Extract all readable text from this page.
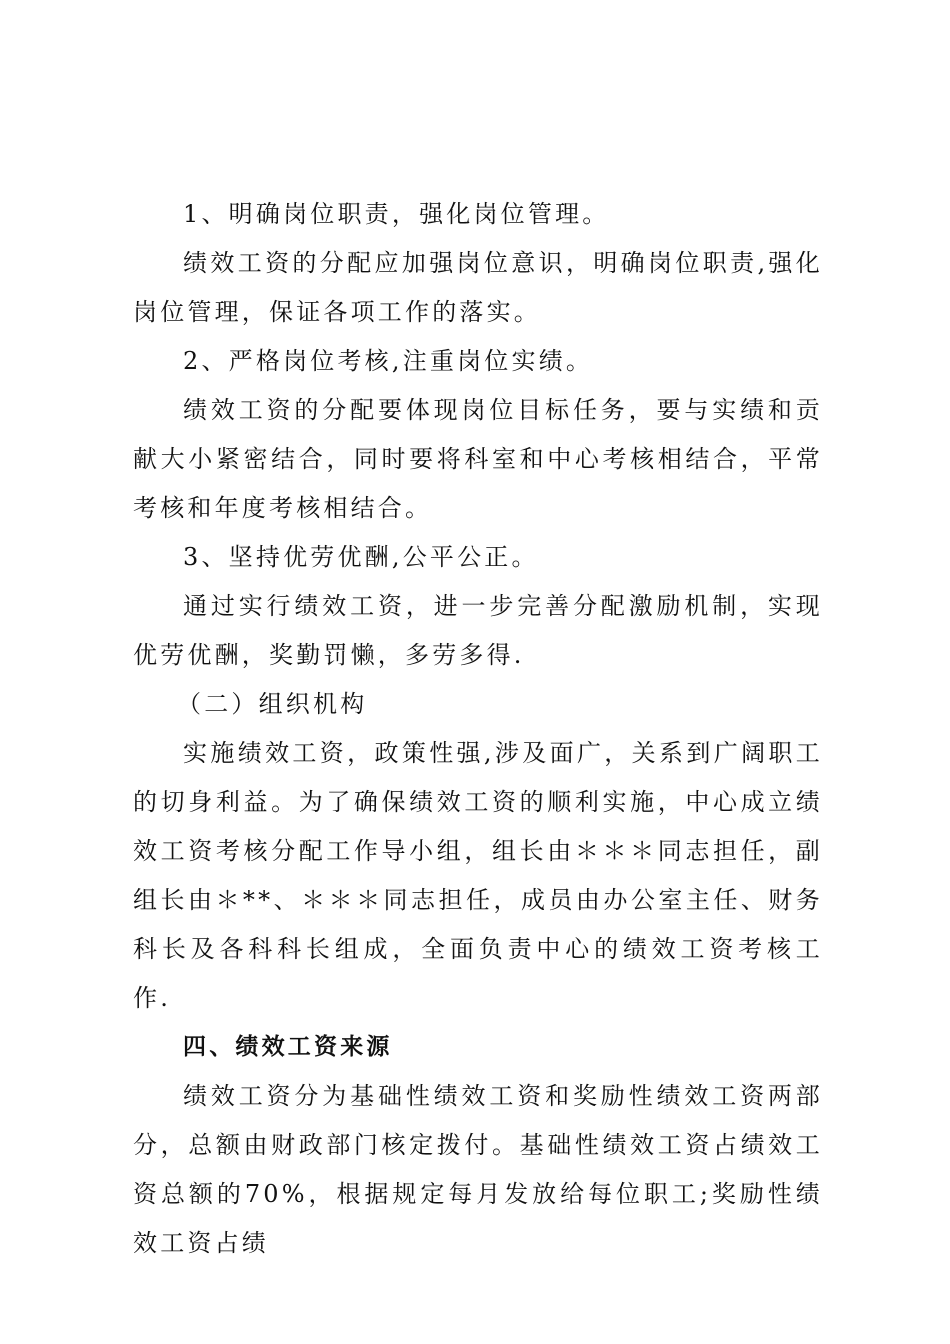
1、明确岗位职责，强化岗位管理。

绩效工资的分配应加强岗位意识，明确岗位职责,强化岗位管理，保证各项工作的落实。

2、严格岗位考核,注重岗位实绩。

绩效工资的分配要体现岗位目标任务，要与实绩和贡献大小紧密结合，同时要将科室和中心考核相结合，平常考核和年度考核相结合。

3、坚持优劳优酬,公平公正。

通过实行绩效工资，进一步完善分配激励机制，实现优劳优酬，奖勤罚懒，多劳多得.

（二）组织机构

实施绩效工资，政策性强,涉及面广，关系到广阔职工的切身利益。为了确保绩效工资的顺利实施，中心成立绩效工资考核分配工作导小组，组长由＊＊＊同志担任，副组长由＊**、＊＊＊同志担任，成员由办公室主任、财务科长及各科科长组成，全面负责中心的绩效工资考核工作.

四、绩效工资来源

绩效工资分为基础性绩效工资和奖励性绩效工资两部分，总额由财政部门核定拨付。基础性绩效工资占绩效工资总额的70%，根据规定每月发放给每位职工;奖励性绩效工资占绩
